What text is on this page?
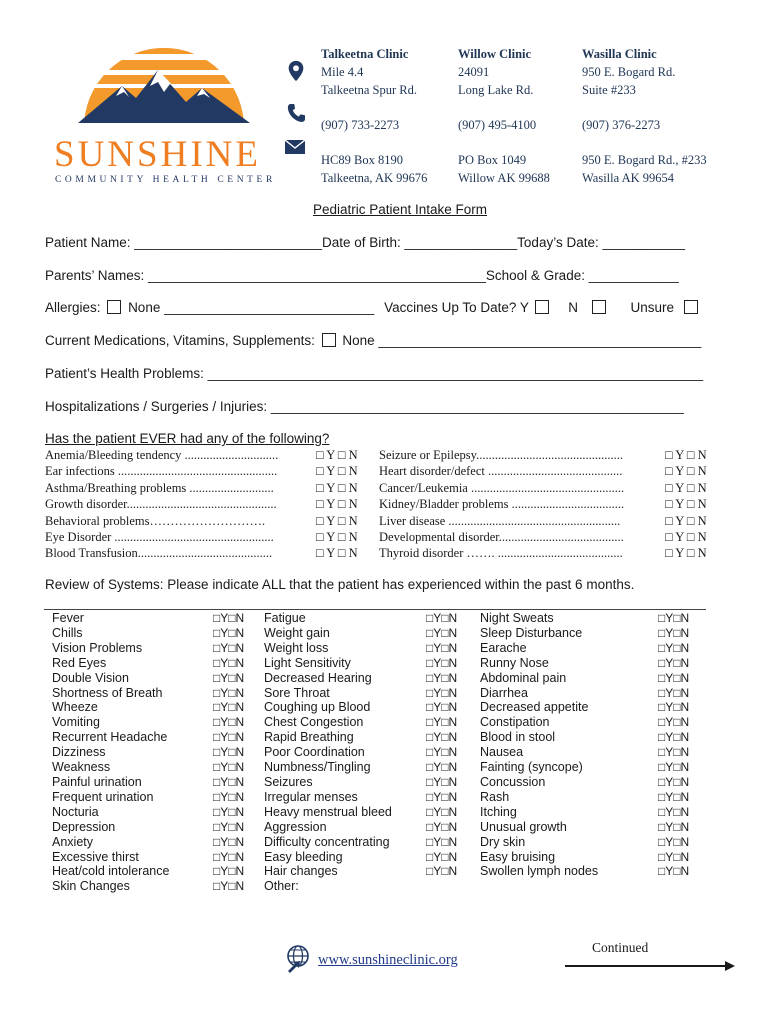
SUNSHINE
COMMUNITY HEALTH CENTER
Talkeetna Clinic
Mile 4.4
Talkeetna Spur Rd.
(907) 733-2273
HC89 Box 8190
Talkeetna, AK 99676
Willow Clinic
24091
Long Lake Rd.
(907) 495-4100
PO Box 1049
Willow AK 99688
Wasilla Clinic
950 E. Bogard Rd.
Suite #233
(907) 376-2273
950 E. Bogard Rd., #233
Wasilla AK 99654
Pediatric Patient Intake Form
Patient Name: _________________________Date of Birth: _______________Today’s Date: ___________
Parents’ Names: _____________________________________________School & Grade: ____________
Allergies: None ____________________________ Vaccines Up To Date? Y	N	Unsure
Current Medications, Vitamins, Supplements: None ___________________________________________
Patient’s Health Problems: __________________________________________________________________
Hospitalizations / Surgeries / Injuries: _______________________________________________________
Has the patient EVER had any of the following?
Anemia/Bleeding tendency ..............................
Ear infections ...................................................
Asthma/Breathing problems ...........................
Growth disorder................................................
Behavioral problems……………………….
Eye Disorder ...................................................
Blood Transfusion...........................................
□ Y □ N
□ Y □ N
□ Y □ N
□ Y □ N
□ Y □ N
□ Y □ N
□ Y □ N
Seizure or Epilepsy...............................................
Heart disorder/defect ...........................................
Cancer/Leukemia .................................................
Kidney/Bladder problems ....................................
Liver disease .......................................................
Developmental disorder........................................
Thyroid disorder ……. ........................................
□ Y □ N
□ Y □ N
□ Y □ N
□ Y □ N
□ Y □ N
□ Y □ N
□ Y □ N
Review of Systems: Please indicate ALL that the patient has experienced within the past 6 months.
Fever
Chills
Vision Problems
Red Eyes
Double Vision
Shortness of Breath
Wheeze
Vomiting
Recurrent Headache
Dizziness
Weakness
Painful urination
Frequent urination
Nocturia
Depression
Anxiety
Excessive thirst
Heat/cold intolerance
Skin Changes
□Y□N
□Y□N
□Y□N
□Y□N
□Y□N
□Y□N
□Y□N
□Y□N
□Y□N
□Y□N
□Y□N
□Y□N
□Y□N
□Y□N
□Y□N
□Y□N
□Y□N
□Y□N
□Y□N
Fatigue
Weight gain
Weight loss
Light Sensitivity
Decreased Hearing
Sore Throat
Coughing up Blood
Chest Congestion
Rapid Breathing
Poor Coordination
Numbness/Tingling
Seizures
Irregular menses
Heavy menstrual bleed
Aggression
Difficulty concentrating
Easy bleeding
Hair changes
Other:
□Y□N
□Y□N
□Y□N
□Y□N
□Y□N
□Y□N
□Y□N
□Y□N
□Y□N
□Y□N
□Y□N
□Y□N
□Y□N
□Y□N
□Y□N
□Y□N
□Y□N
□Y□N
Night Sweats
Sleep Disturbance
Earache
Runny Nose
Abdominal pain
Diarrhea
Decreased appetite
Constipation
Blood in stool
Nausea
Fainting (syncope)
Concussion
Rash
Itching
Unusual growth
Dry skin
Easy bruising
Swollen lymph nodes
□Y□N
□Y□N
□Y□N
□Y□N
□Y□N
□Y□N
□Y□N
□Y□N
□Y□N
□Y□N
□Y□N
□Y□N
□Y□N
□Y□N
□Y□N
□Y□N
□Y□N
□Y□N
www.sunshineclinic.org
Continued
